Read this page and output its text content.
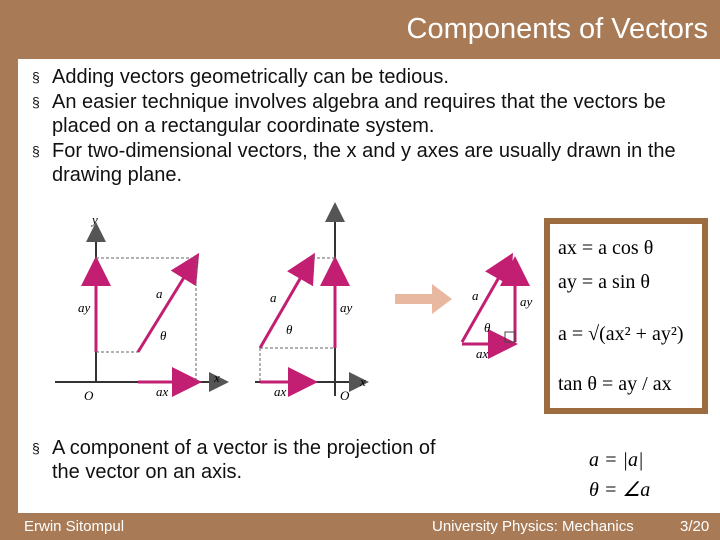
Components of Vectors
§ Adding vectors geometrically can be tedious.
§ An easier technique involves algebra and requires that the vectors be placed on a rectangular coordinate system.
§ For two-dimensional vectors, the x and y axes are usually drawn in the drawing plane.
§ A component of a vector is the projection of the vector on an axis.
ay
a
θ
ax
O
x
y
a
θ
ay
ax	O
x
a
θ
ay
ax
ax = a cos θ
ay = a sin θ
a = √(ax² + ay²)
tan θ = ay / ax
a = |a|
θ = ∠a
Erwin Sitompul	University Physics: Mechanics	3/20
